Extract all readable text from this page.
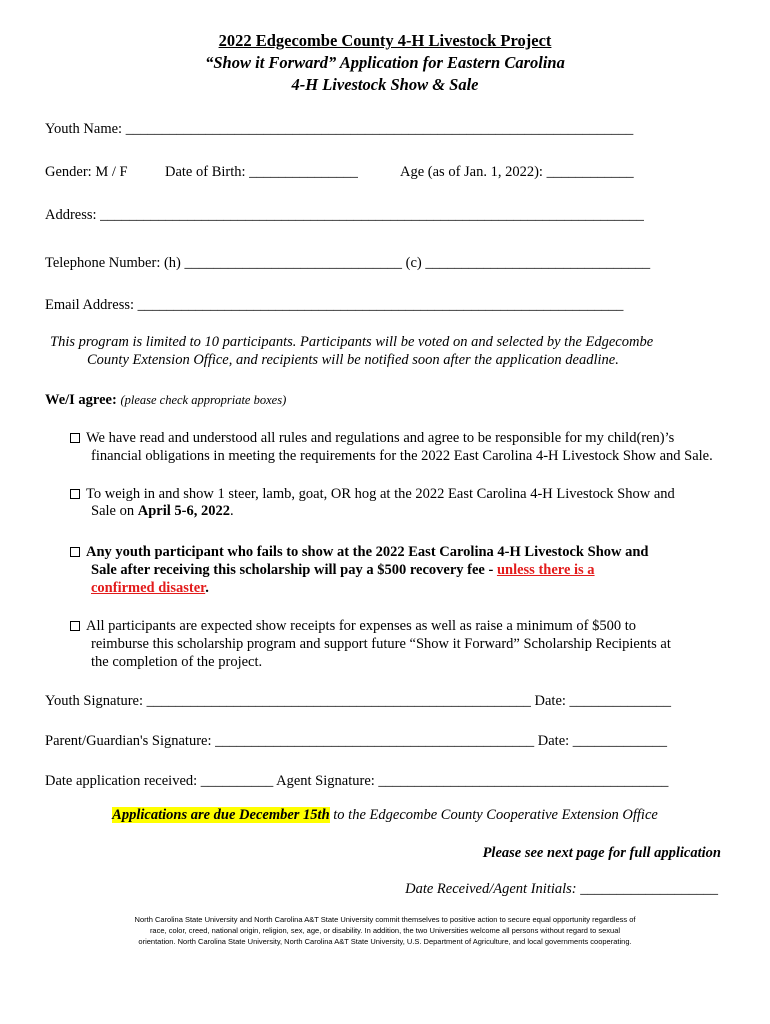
2022 Edgecombe County 4-H Livestock Project
“Show it Forward” Application for Eastern Carolina
4-H Livestock Show & Sale
Youth Name: ______________________________________________________________________
Gender: M / F	Date of Birth: _______________	Age (as of Jan. 1, 2022): ____________
Address: ___________________________________________________________________________
Telephone Number: (h) ______________________________ (c) _______________________________
Email Address: ___________________________________________________________________
This program is limited to 10 participants. Participants will be voted on and selected by the Edgecombe
County Extension Office, and recipients will be notified soon after the application deadline.
We/I agree: (please check appropriate boxes)
We have read and understood all rules and regulations and agree to be responsible for my child(ren)’s
financial obligations in meeting the requirements for the 2022 East Carolina 4-H Livestock Show and Sale.
To weigh in and show 1 steer, lamb, goat, OR hog at the 2022 East Carolina 4-H Livestock Show and
Sale on April 5-6, 2022.
Any youth participant who fails to show at the 2022 East Carolina 4-H Livestock Show and
Sale after receiving this scholarship will pay a $500 recovery fee - unless there is a
confirmed disaster.
All participants are expected show receipts for expenses as well as raise a minimum of $500 to
reimburse this scholarship program and support future “Show it Forward” Scholarship Recipients at
the completion of the project.
Youth Signature: _____________________________________________________ Date: ______________
Parent/Guardian's Signature: ____________________________________________ Date: _____________
Date application received: __________ Agent Signature: ________________________________________
Applications are due December 15th to the Edgecombe County Cooperative Extension Office
Please see next page for full application
Date Received/Agent Initials: ___________________
North Carolina State University and North Carolina A&T State University commit themselves to positive action to secure equal opportunity regardless of
race, color, creed, national origin, religion, sex, age, or disability. In addition, the two Universities welcome all persons without regard to sexual
orientation. North Carolina State University, North Carolina A&T State University, U.S. Department of Agriculture, and local governments cooperating.
